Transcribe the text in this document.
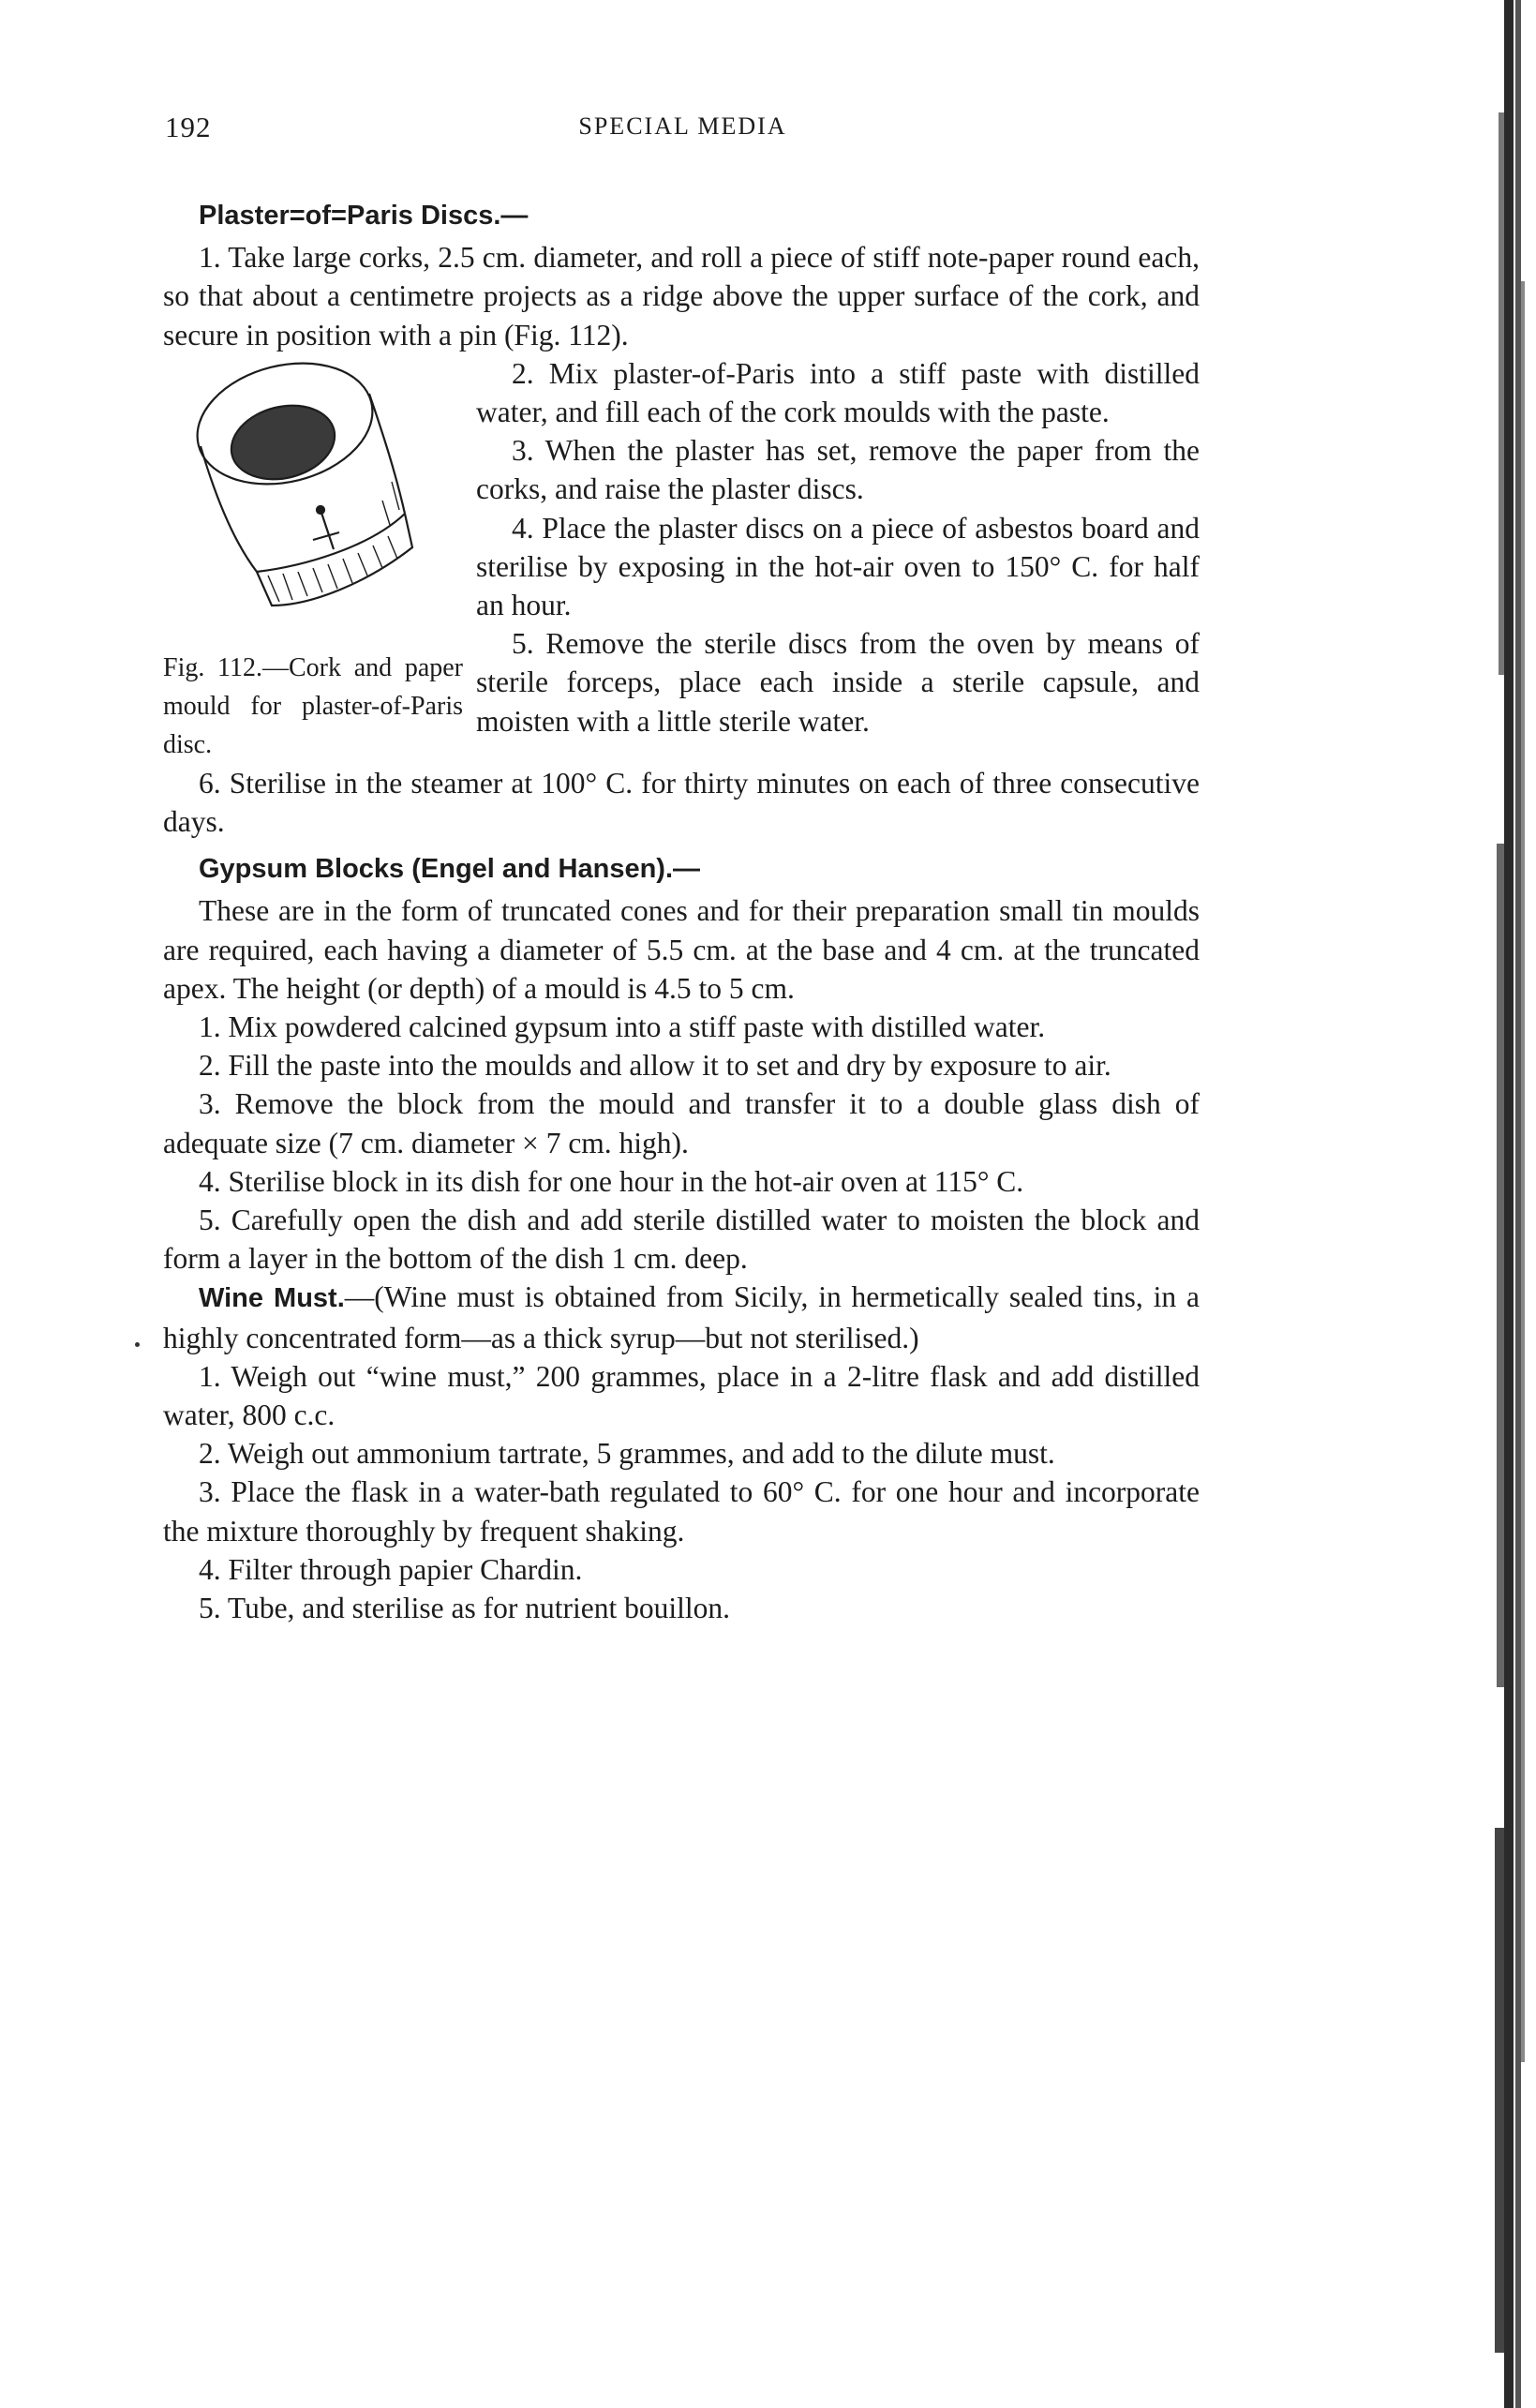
192	SPECIAL MEDIA

Plaster=of=Paris Discs.—

1. Take large corks, 2.5 cm. diameter, and roll a piece of stiff note-paper round each, so that about a centimetre projects as a ridge above the upper surface of the cork, and secure in position with a pin (Fig. 112).

Fig. 112.—Cork and paper mould for plaster-of-Paris disc.

2. Mix plaster-of-Paris into a stiff paste with distilled water, and fill each of the cork moulds with the paste.

3. When the plaster has set, remove the paper from the corks, and raise the plaster discs.

4. Place the plaster discs on a piece of asbestos board and sterilise by exposing in the hot-air oven to 150° C. for half an hour.

5. Remove the sterile discs from the oven by means of sterile forceps, place each inside a sterile capsule, and moisten with a little sterile water.

6. Sterilise in the steamer at 100° C. for thirty minutes on each of three consecutive days.

Gypsum Blocks (Engel and Hansen).—

These are in the form of truncated cones and for their preparation small tin moulds are required, each having a diameter of 5.5 cm. at the base and 4 cm. at the truncated apex. The height (or depth) of a mould is 4.5 to 5 cm.

1. Mix powdered calcined gypsum into a stiff paste with distilled water.

2. Fill the paste into the moulds and allow it to set and dry by exposure to air.

3. Remove the block from the mould and transfer it to a double glass dish of adequate size (7 cm. diameter × 7 cm. high).

4. Sterilise block in its dish for one hour in the hot-air oven at 115° C.

5. Carefully open the dish and add sterile distilled water to moisten the block and form a layer in the bottom of the dish 1 cm. deep.

Wine Must.—(Wine must is obtained from Sicily, in hermetically sealed tins, in a highly concentrated form—as a thick syrup—but not sterilised.)

1. Weigh out “wine must,” 200 grammes, place in a 2-litre flask and add distilled water, 800 c.c.

2. Weigh out ammonium tartrate, 5 grammes, and add to the dilute must.

3. Place the flask in a water-bath regulated to 60° C. for one hour and incorporate the mixture thoroughly by frequent shaking.

4. Filter through papier Chardin.

5. Tube, and sterilise as for nutrient bouillon.
